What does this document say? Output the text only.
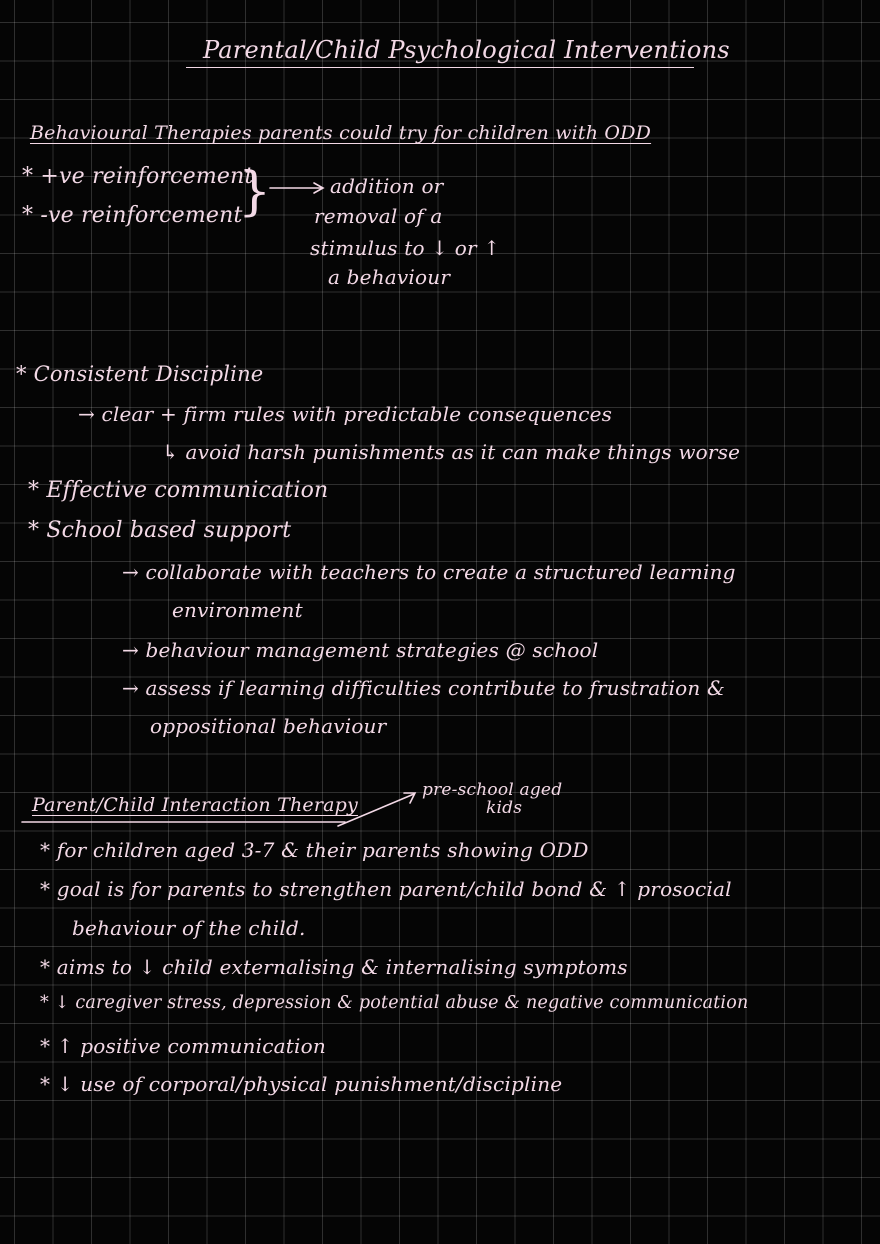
Parental/Child Psychological Interventions
Behavioural Therapies parents could try for children with ODD
* +ve reinforcement
* -ve reinforcement
}	addition or
removal of a
stimulus to ↓ or ↑
a behaviour
* Consistent Discipline
→ clear + firm rules with predictable consequences
↳ avoid harsh punishments as it can make things worse
* Effective communication
* School based support
→ collaborate with teachers to create a structured learning
environment
→ behaviour management strategies @ school
→ assess if learning difficulties contribute to frustration &
oppositional behaviour
Parent/Child Interaction Therapy
pre-school aged
kids
* for children aged 3-7 & their parents showing ODD
* goal is for parents to strengthen parent/child bond & ↑ prosocial
behaviour of the child.
* aims to ↓ child externalising & internalising symptoms
* ↓ caregiver stress, depression & potential abuse & negative communication
* ↑ positive communication
* ↓ use of corporal/physical punishment/discipline
